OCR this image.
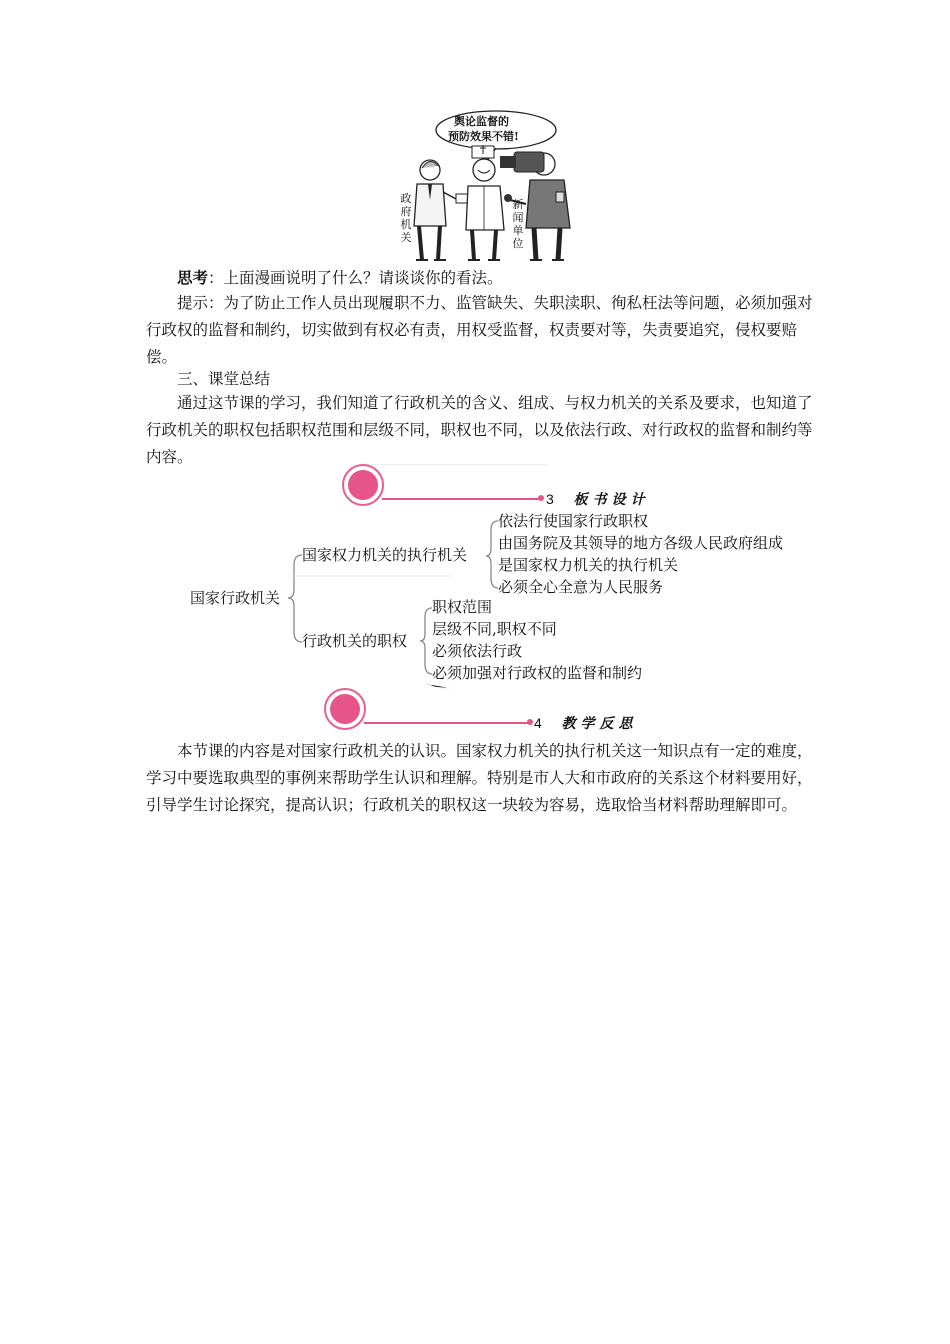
舆论监督的
预防效果不错!
政府机关
新闻单位

思考：上面漫画说明了什么？请谈谈你的看法。

提示：为了防止工作人员出现履职不力、监管缺失、失职渎职、徇私枉法等问题，必须加强对行政权的监督和制约，切实做到有权必有责，用权受监督，权责要对等，失责要追究，侵权要赔偿。

三、课堂总结

通过这节课的学习，我们知道了行政机关的含义、组成、与权力机关的关系及要求，也知道了行政机关的职权包括职权范围和层级不同，职权也不同，以及依法行政、对行政权的监督和制约等内容。

3 板书设计
国家行政机关
国家权力机关的执行机关
依法行使国家行政职权
由国务院及其领导的地方各级人民政府组成
是国家权力机关的执行机关
必须全心全意为人民服务
行政机关的职权
职权范围
层级不同,职权不同
必须依法行政
必须加强对行政权的监督和制约
4 教学反思

本节课的内容是对国家行政机关的认识。国家权力机关的执行机关这一知识点有一定的难度，学习中要选取典型的事例来帮助学生认识和理解。特别是市人大和市政府的关系这个材料要用好，引导学生讨论探究，提高认识；行政机关的职权这一块较为容易，选取恰当材料帮助理解即可。
